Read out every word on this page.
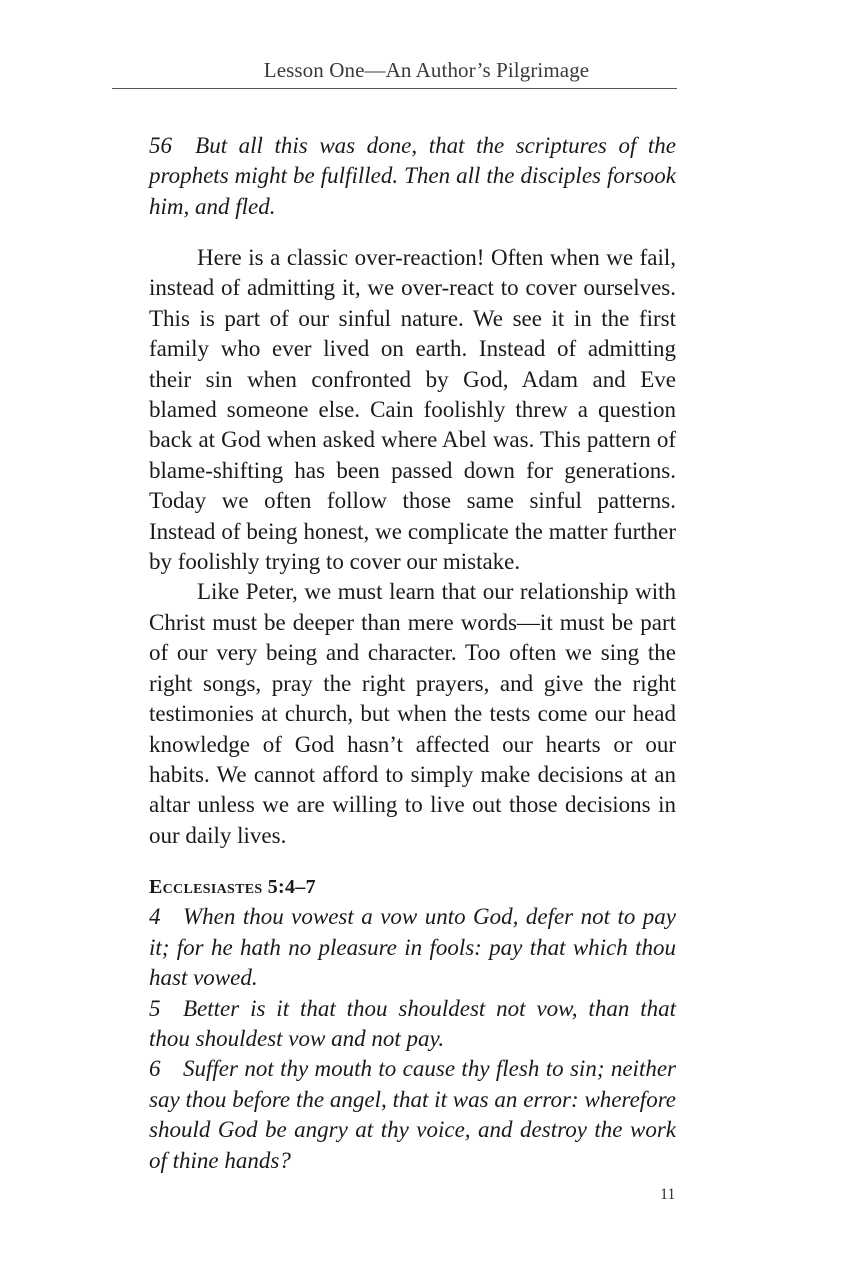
Lesson One—An Author’s Pilgrimage
56 But all this was done, that the scriptures of the prophets might be fulfilled. Then all the disciples forsook him, and fled.

Here is a classic over-reaction! Often when we fail, instead of admitting it, we over-react to cover ourselves. This is part of our sinful nature. We see it in the first family who ever lived on earth. Instead of admitting their sin when confronted by God, Adam and Eve blamed someone else. Cain foolishly threw a question back at God when asked where Abel was. This pattern of blame-shifting has been passed down for generations. Today we often follow those same sinful patterns. Instead of being honest, we complicate the matter further by foolishly trying to cover our mistake.

Like Peter, we must learn that our relationship with Christ must be deeper than mere words—it must be part of our very being and character. Too often we sing the right songs, pray the right prayers, and give the right testimonies at church, but when the tests come our head knowledge of God hasn’t affected our hearts or our habits. We cannot afford to simply make decisions at an altar unless we are willing to live out those decisions in our daily lives.

Ecclesiastes 5:4–7

4 When thou vowest a vow unto God, defer not to pay it; for he hath no pleasure in fools: pay that which thou hast vowed.

5 Better is it that thou shouldest not vow, than that thou shouldest vow and not pay.

6 Suffer not thy mouth to cause thy flesh to sin; neither say thou before the angel, that it was an error: wherefore should God be angry at thy voice, and destroy the work of thine hands?

11
